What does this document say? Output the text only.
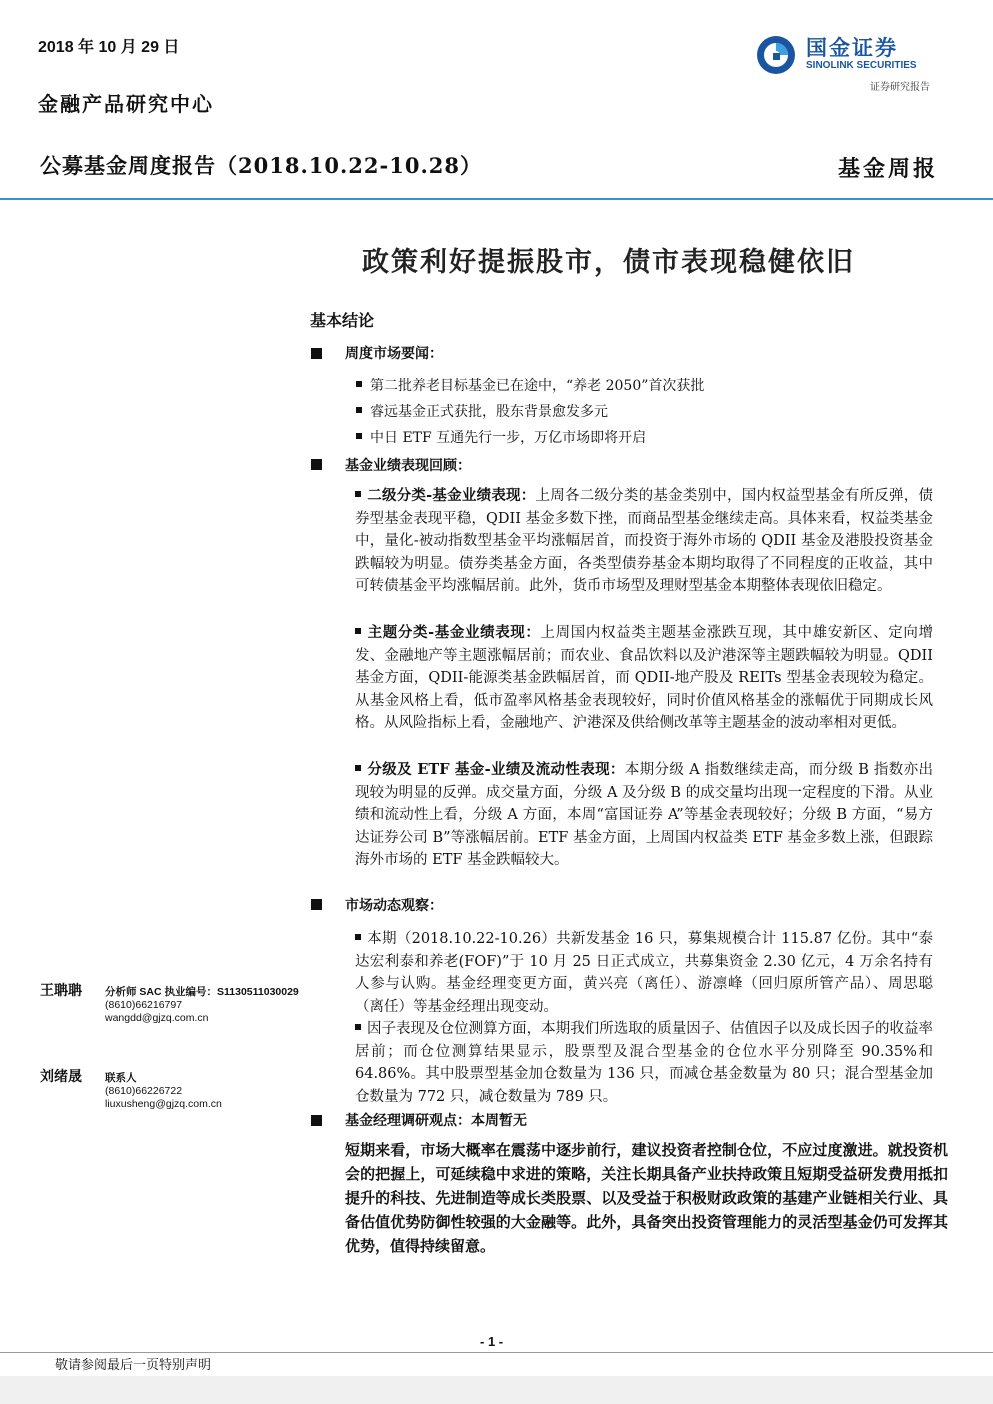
2018 年 10 月 29 日
金融产品研究中心
公募基金周度报告（2018.10.22-10.28）	基金周报
国金证券
SINOLINK SECURITIES
证券研究报告
政策利好提振股市，债市表现稳健依旧
基本结论
周度市场要闻：
第二批养老目标基金已在途中，“养老 2050”首次获批
睿远基金正式获批，股东背景愈发多元
中日 ETF 互通先行一步，万亿市场即将开启
基金业绩表现回顾：
二级分类-基金业绩表现：上周各二级分类的基金类别中，国内权益型基金有所反弹，债券型基金表现平稳，QDII 基金多数下挫，而商品型基金继续走高。具体来看，权益类基金中，量化-被动指数型基金平均涨幅居首，而投资于海外市场的 QDII 基金及港股投资基金跌幅较为明显。债券类基金方面，各类型债券基金本期均取得了不同程度的正收益，其中可转债基金平均涨幅居前。此外，货币市场型及理财型基金本期整体表现依旧稳定。
主题分类-基金业绩表现：上周国内权益类主题基金涨跌互现，其中雄安新区、定向增发、金融地产等主题涨幅居前；而农业、食品饮料以及沪港深等主题跌幅较为明显。QDII 基金方面，QDII-能源类基金跌幅居首，而 QDII-地产股及 REITs 型基金表现较为稳定。从基金风格上看，低市盈率风格基金表现较好，同时价值风格基金的涨幅优于同期成长风格。从风险指标上看，金融地产、沪港深及供给侧改革等主题基金的波动率相对更低。
分级及 ETF 基金-业绩及流动性表现：本期分级 A 指数继续走高，而分级 B 指数亦出现较为明显的反弹。成交量方面，分级 A 及分级 B 的成交量均出现一定程度的下滑。从业绩和流动性上看，分级 A 方面，本周“富国证券 A”等基金表现较好；分级 B 方面，“易方达证券公司 B”等涨幅居前。ETF 基金方面，上周国内权益类 ETF 基金多数上涨，但跟踪海外市场的 ETF 基金跌幅较大。
市场动态观察：
本期（2018.10.22-10.26）共新发基金 16 只，募集规模合计 115.87 亿份。其中“泰达宏利泰和养老(FOF)”于 10 月 25 日正式成立，共募集资金 2.30 亿元，4 万余名持有人参与认购。基金经理变更方面，黄兴亮（离任）、游凛峰（回归原所管产品）、周思聪（离任）等基金经理出现变动。
因子表现及仓位测算方面，本期我们所选取的质量因子、估值因子以及成长因子的收益率居前；而仓位测算结果显示，股票型及混合型基金的仓位水平分别降至 90.35%和 64.86%。其中股票型基金加仓数量为 136 只，而减仓基金数量为 80 只；混合型基金加仓数量为 772 只，减仓数量为 789 只。
基金经理调研观点：本周暂无
短期来看，市场大概率在震荡中逐步前行，建议投资者控制仓位，不应过度激进。就投资机会的把握上，可延续稳中求进的策略，关注长期具备产业扶持政策且短期受益研发费用抵扣提升的科技、先进制造等成长类股票、以及受益于积极财政政策的基建产业链相关行业、具备估值优势防御性较强的大金融等。此外，具备突出投资管理能力的灵活型基金仍可发挥其优势，值得持续留意。
王聃聃 分析师 SAC 执业编号：S1130511030029
(8610)66216797
wangdd@gjzq.com.cn
刘绪晟 联系人
(8610)66226722
liuxusheng@gjzq.com.cn
- 1 -
敬请参阅最后一页特别声明
